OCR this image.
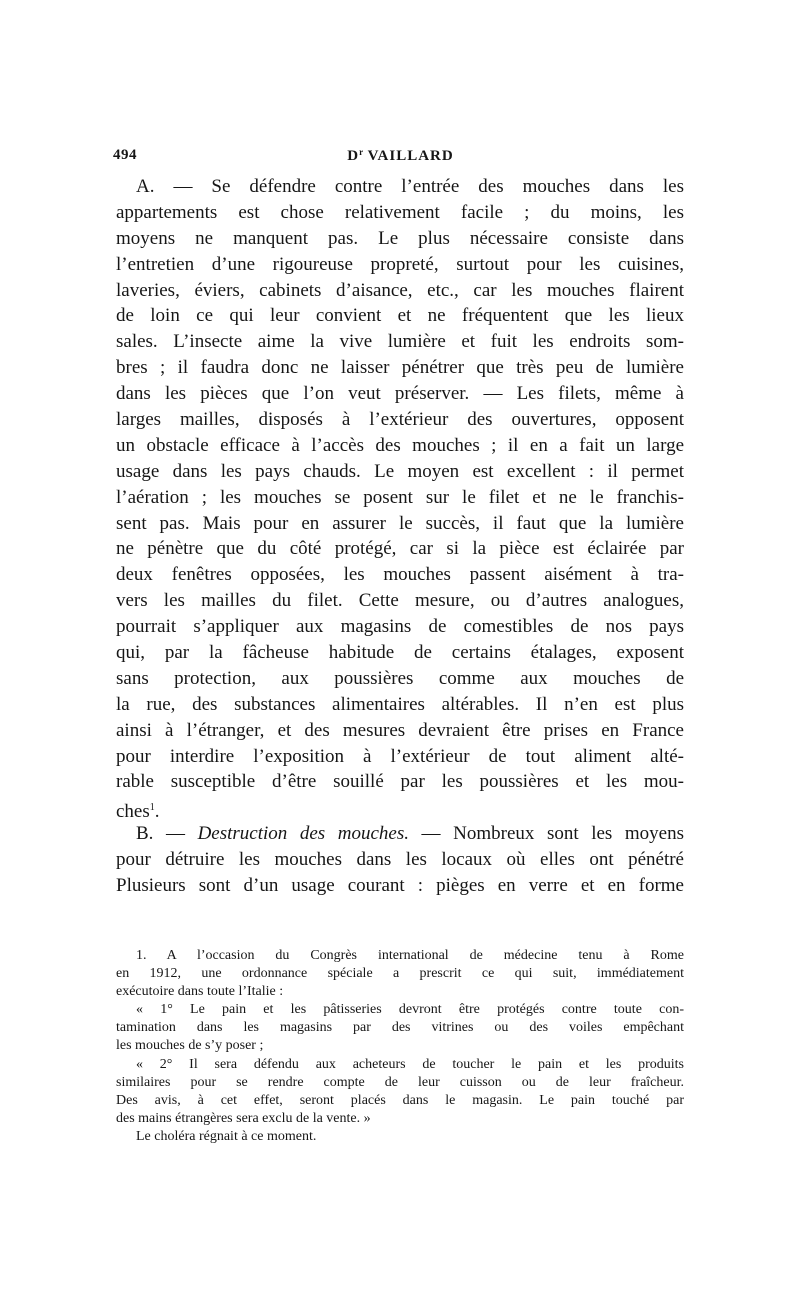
494	$D^r$ VAILLARD
A. — Se défendre contre l’entrée des mouches dans les
appartements est chose relativement facile ; du moins, les
moyens ne manquent pas. Le plus nécessaire consiste dans
l’entretien d’une rigoureuse propreté, surtout pour les cuisines,
laveries, éviers, cabinets d’aisance, etc., car les mouches flairent
de loin ce qui leur convient et ne fréquentent que les lieux
sales. L’insecte aime la vive lumière et fuit les endroits som-
bres ; il faudra donc ne laisser pénétrer que très peu de lumière
dans les pièces que l’on veut préserver. — Les filets, même à
larges mailles, disposés à l’extérieur des ouvertures, opposent
un obstacle efficace à l’accès des mouches ; il en a fait un large
usage dans les pays chauds. Le moyen est excellent : il permet
l’aération ; les mouches se posent sur le filet et ne le franchis-
sent pas. Mais pour en assurer le succès, il faut que la lumière
ne pénètre que du côté protégé, car si la pièce est éclairée par
deux fenêtres opposées, les mouches passent aisément à tra-
vers les mailles du filet. Cette mesure, ou d’autres analogues,
pourrait s’appliquer aux magasins de comestibles de nos pays
qui, par la fâcheuse habitude de certains étalages, exposent
sans protection, aux poussières comme aux mouches de
la rue, des substances alimentaires altérables. Il n’en est plus
ainsi à l’étranger, et des mesures devraient être prises en France
pour interdire l’exposition à l’extérieur de tout aliment alté-
rable susceptible d’être souillé par les poussières et les mou-
ches$^1$.
B. — Destruction des mouches. — Nombreux sont les moyens
pour détruire les mouches dans les locaux où elles ont pénétré
Plusieurs sont d’un usage courant : pièges en verre et en forme
1. A l’occasion du Congrès international de médecine tenu à Rome
en 1912, une ordonnance spéciale a prescrit ce qui suit, immédiatement
exécutoire dans toute l’Italie :
« 1° Le pain et les pâtisseries devront être protégés contre toute con-
tamination dans les magasins par des vitrines ou des voiles empêchant
les mouches de s’y poser ;
« 2° Il sera défendu aux acheteurs de toucher le pain et les produits
similaires pour se rendre compte de leur cuisson ou de leur fraîcheur.
Des avis, à cet effet, seront placés dans le magasin. Le pain touché par
des mains étrangères sera exclu de la vente. »
Le choléra régnait à ce moment.
